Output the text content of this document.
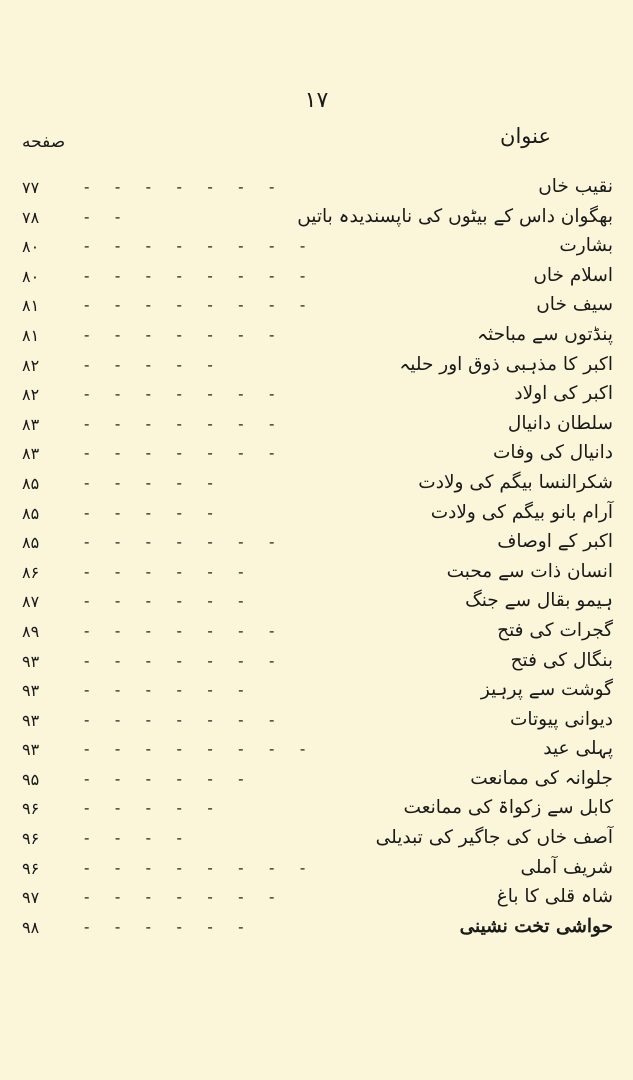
۱۷
عنوان
صفحه
۷۷	-     -     -     -     -     -     -	نقیب خاں
۷۸	-     -	بھگوان داس کے بیٹوں کی ناپسندیدہ باتیں
۸۰	-     -     -     -     -     -     -     -	بشارت
۸۰	-     -     -     -     -     -     -     -	اسلام خاں
۸۱	-     -     -     -     -     -     -     -	سیف خاں
۸۱	-     -     -     -     -     -     -	پنڈتوں سے مباحثہ
۸۲	-     -     -     -     -	اکبر کا مذہبی ذوق اور حلیہ
۸۲	-     -     -     -     -     -     -	اکبر کی اولاد
۸۳	-     -     -     -     -     -     -	سلطان دانیال
۸۳	-     -     -     -     -     -     -	دانیال کی وفات
۸۵	-     -     -     -     -	شکرالنسا بیگم کی ولادت
۸۵	-     -     -     -     -	آرام بانو بیگم کی ولادت
۸۵	-     -     -     -     -     -     -	اکبر کے اوصاف
۸۶	-     -     -     -     -     -	انسان ذات سے محبت
۸۷	-     -     -     -     -     -	ہیمو بقال سے جنگ
۸۹	-     -     -     -     -     -     -	گجرات کی فتح
۹۳	-     -     -     -     -     -     -	بنگال کی فتح
۹۳	-     -     -     -     -     -	گوشت سے پرہیز
۹۳	-     -     -     -     -     -     -	دیوانی پیوتات
۹۳	-     -     -     -     -     -     -     -	پہلی عید
۹۵	-     -     -     -     -     -	جلوانہ کی ممانعت
۹۶	-     -     -     -     -	کابل سے زکواۃ کی ممانعت
۹۶	-     -     -     -	آصف خاں کی جاگیر کی تبدیلی
۹۶	-     -     -     -     -     -     -     -	شریف آملی
۹۷	-     -     -     -     -     -     -	شاہ قلی کا باغ
۹۸	-     -     -     -     -     -	حواشی تخت نشینی
